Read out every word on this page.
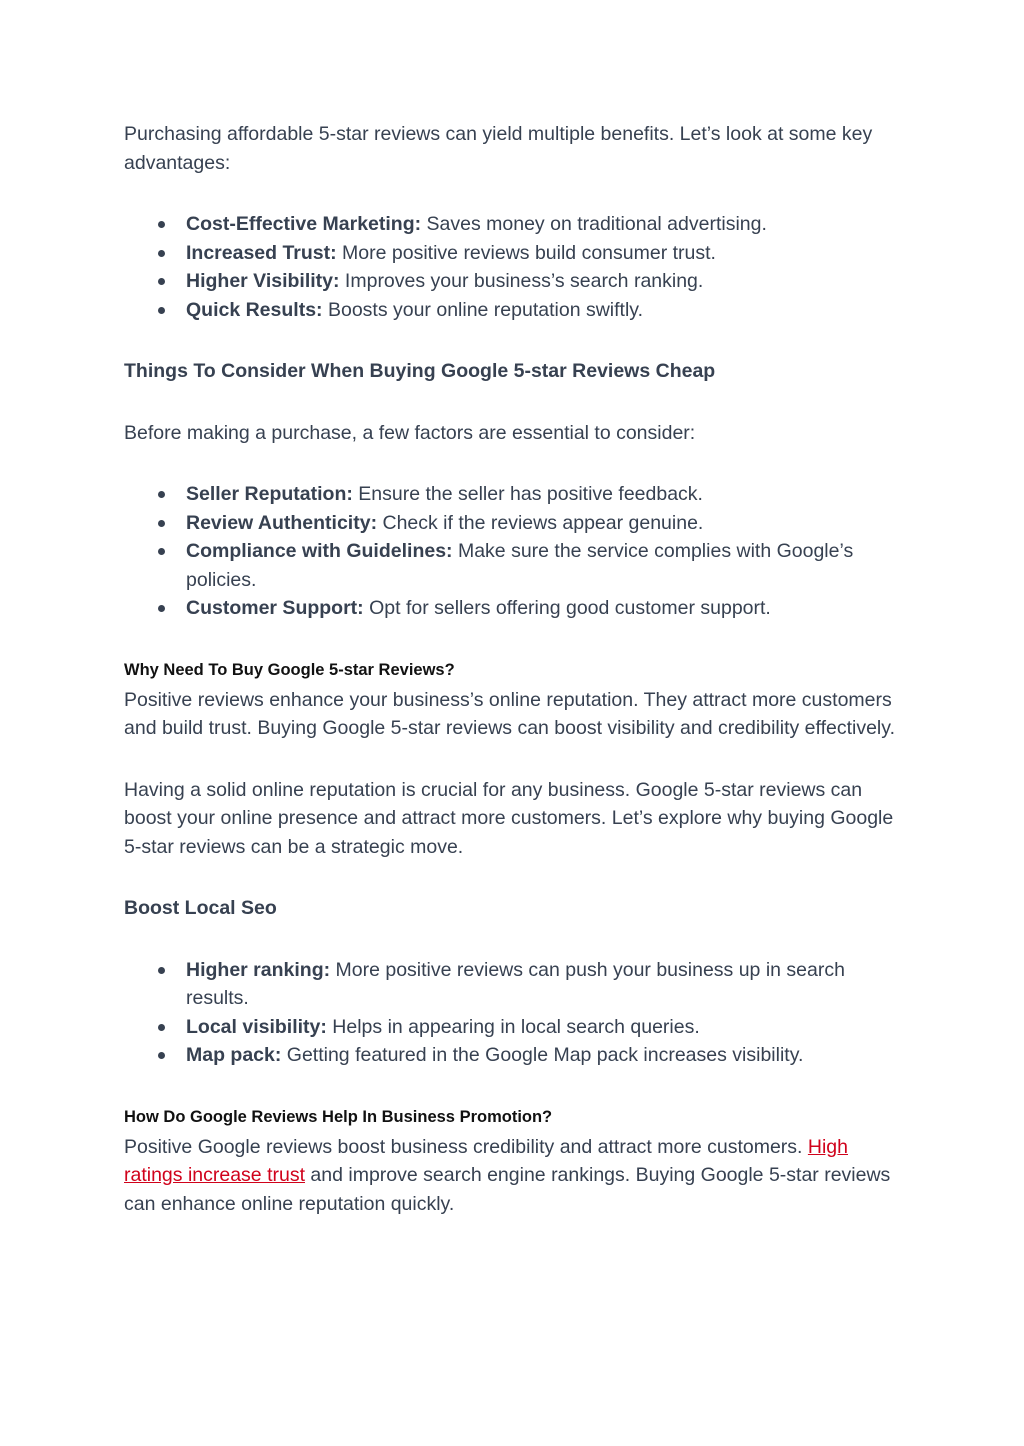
Purchasing affordable 5-star reviews can yield multiple benefits. Let’s look at some key advantages:

Cost-Effective Marketing: Saves money on traditional advertising.
Increased Trust: More positive reviews build consumer trust.
Higher Visibility: Improves your business’s search ranking.
Quick Results: Boosts your online reputation swiftly.

Things To Consider When Buying Google 5-star Reviews Cheap

Before making a purchase, a few factors are essential to consider:

Seller Reputation: Ensure the seller has positive feedback.
Review Authenticity: Check if the reviews appear genuine.
Compliance with Guidelines: Make sure the service complies with Google’s policies.
Customer Support: Opt for sellers offering good customer support.

Why Need To Buy Google 5-star Reviews?

Positive reviews enhance your business’s online reputation. They attract more customers and build trust. Buying Google 5-star reviews can boost visibility and credibility effectively.

Having a solid online reputation is crucial for any business. Google 5-star reviews can boost your online presence and attract more customers. Let’s explore why buying Google 5-star reviews can be a strategic move.

Boost Local Seo

Higher ranking: More positive reviews can push your business up in search results.
Local visibility: Helps in appearing in local search queries.
Map pack: Getting featured in the Google Map pack increases visibility.

How Do Google Reviews Help In Business Promotion?

Positive Google reviews boost business credibility and attract more customers. High ratings increase trust and improve search engine rankings. Buying Google 5-star reviews can enhance online reputation quickly.
